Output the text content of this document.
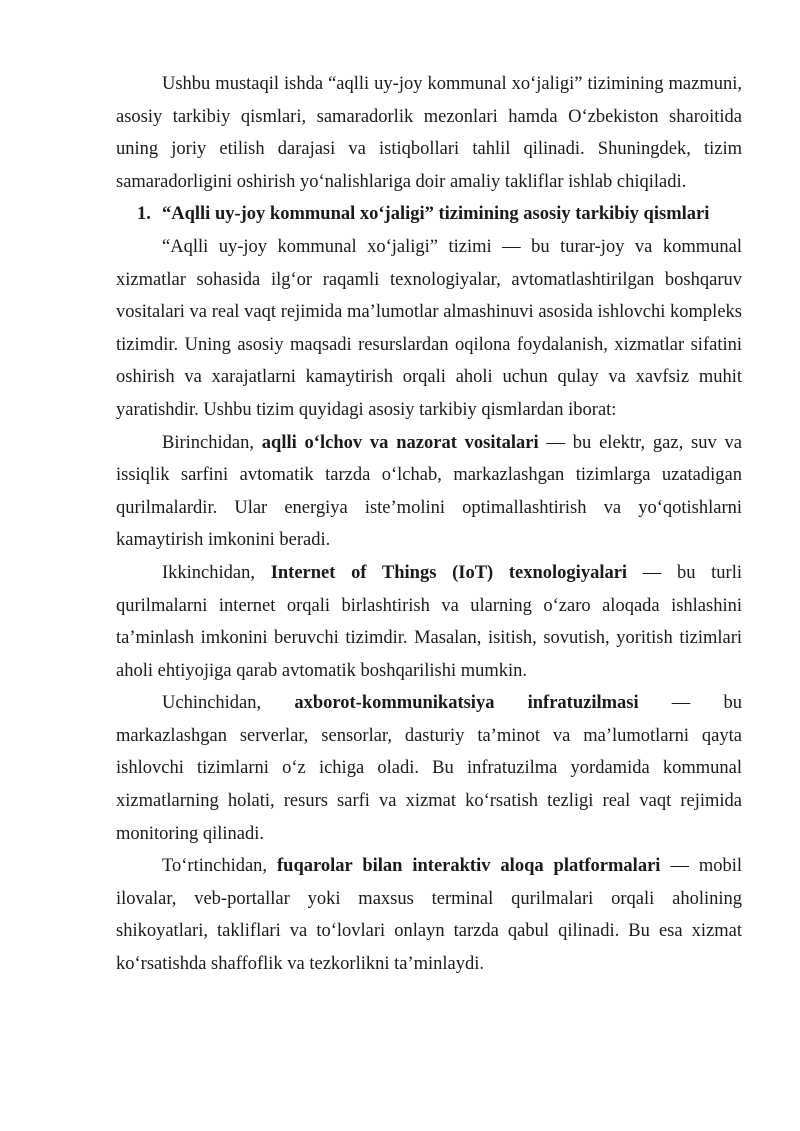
Ushbu mustaqil ishda “aqlli uy-joy kommunal xo‘jaligi” tizimining mazmuni, asosiy tarkibiy qismlari, samaradorlik mezonlari hamda O‘zbekiston sharoitida uning joriy etilish darajasi va istiqbollari tahlil qilinadi. Shuningdek, tizim samaradorligini oshirish yo‘nalishlariga doir amaliy takliflar ishlab chiqiladi.

1. “Aqlli uy-joy kommunal xo‘jaligi” tizimining asosiy tarkibiy qismlari

“Aqlli uy-joy kommunal xo‘jaligi” tizimi — bu turar-joy va kommunal xizmatlar sohasida ilg‘or raqamli texnologiyalar, avtomatlashtirilgan boshqaruv vositalari va real vaqt rejimida ma’lumotlar almashinuvi asosida ishlovchi kompleks tizimdir. Uning asosiy maqsadi resurslardan oqilona foydalanish, xizmatlar sifatini oshirish va xarajatlarni kamaytirish orqali aholi uchun qulay va xavfsiz muhit yaratishdir. Ushbu tizim quyidagi asosiy tarkibiy qismlardan iborat:

Birinchidan, aqlli o‘lchov va nazorat vositalari — bu elektr, gaz, suv va issiqlik sarfini avtomatik tarzda o‘lchab, markazlashgan tizimlarga uzatadigan qurilmalardir. Ular energiya iste’molini optimallashtirish va yo‘qotishlarni kamaytirish imkonini beradi.

Ikkinchidan, Internet of Things (IoT) texnologiyalari — bu turli qurilmalarni internet orqali birlashtirish va ularning o‘zaro aloqada ishlashini ta’minlash imkonini beruvchi tizimdir. Masalan, isitish, sovutish, yoritish tizimlari aholi ehtiyojiga qarab avtomatik boshqarilishi mumkin.

Uchinchidan, axborot-kommunikatsiya infratuzilmasi — bu markazlashgan serverlar, sensorlar, dasturiy ta’minot va ma’lumotlarni qayta ishlovchi tizimlarni o‘z ichiga oladi. Bu infratuzilma yordamida kommunal xizmatlarning holati, resurs sarfi va xizmat ko‘rsatish tezligi real vaqt rejimida monitoring qilinadi.

To‘rtinchidan, fuqarolar bilan interaktiv aloqa platformalari — mobil ilovalar, veb-portallar yoki maxsus terminal qurilmalari orqali aholining shikoyatlari, takliflari va to‘lovlari onlayn tarzda qabul qilinadi. Bu esa xizmat ko‘rsatishda shaffoflik va tezkorlikni ta’minlaydi.
